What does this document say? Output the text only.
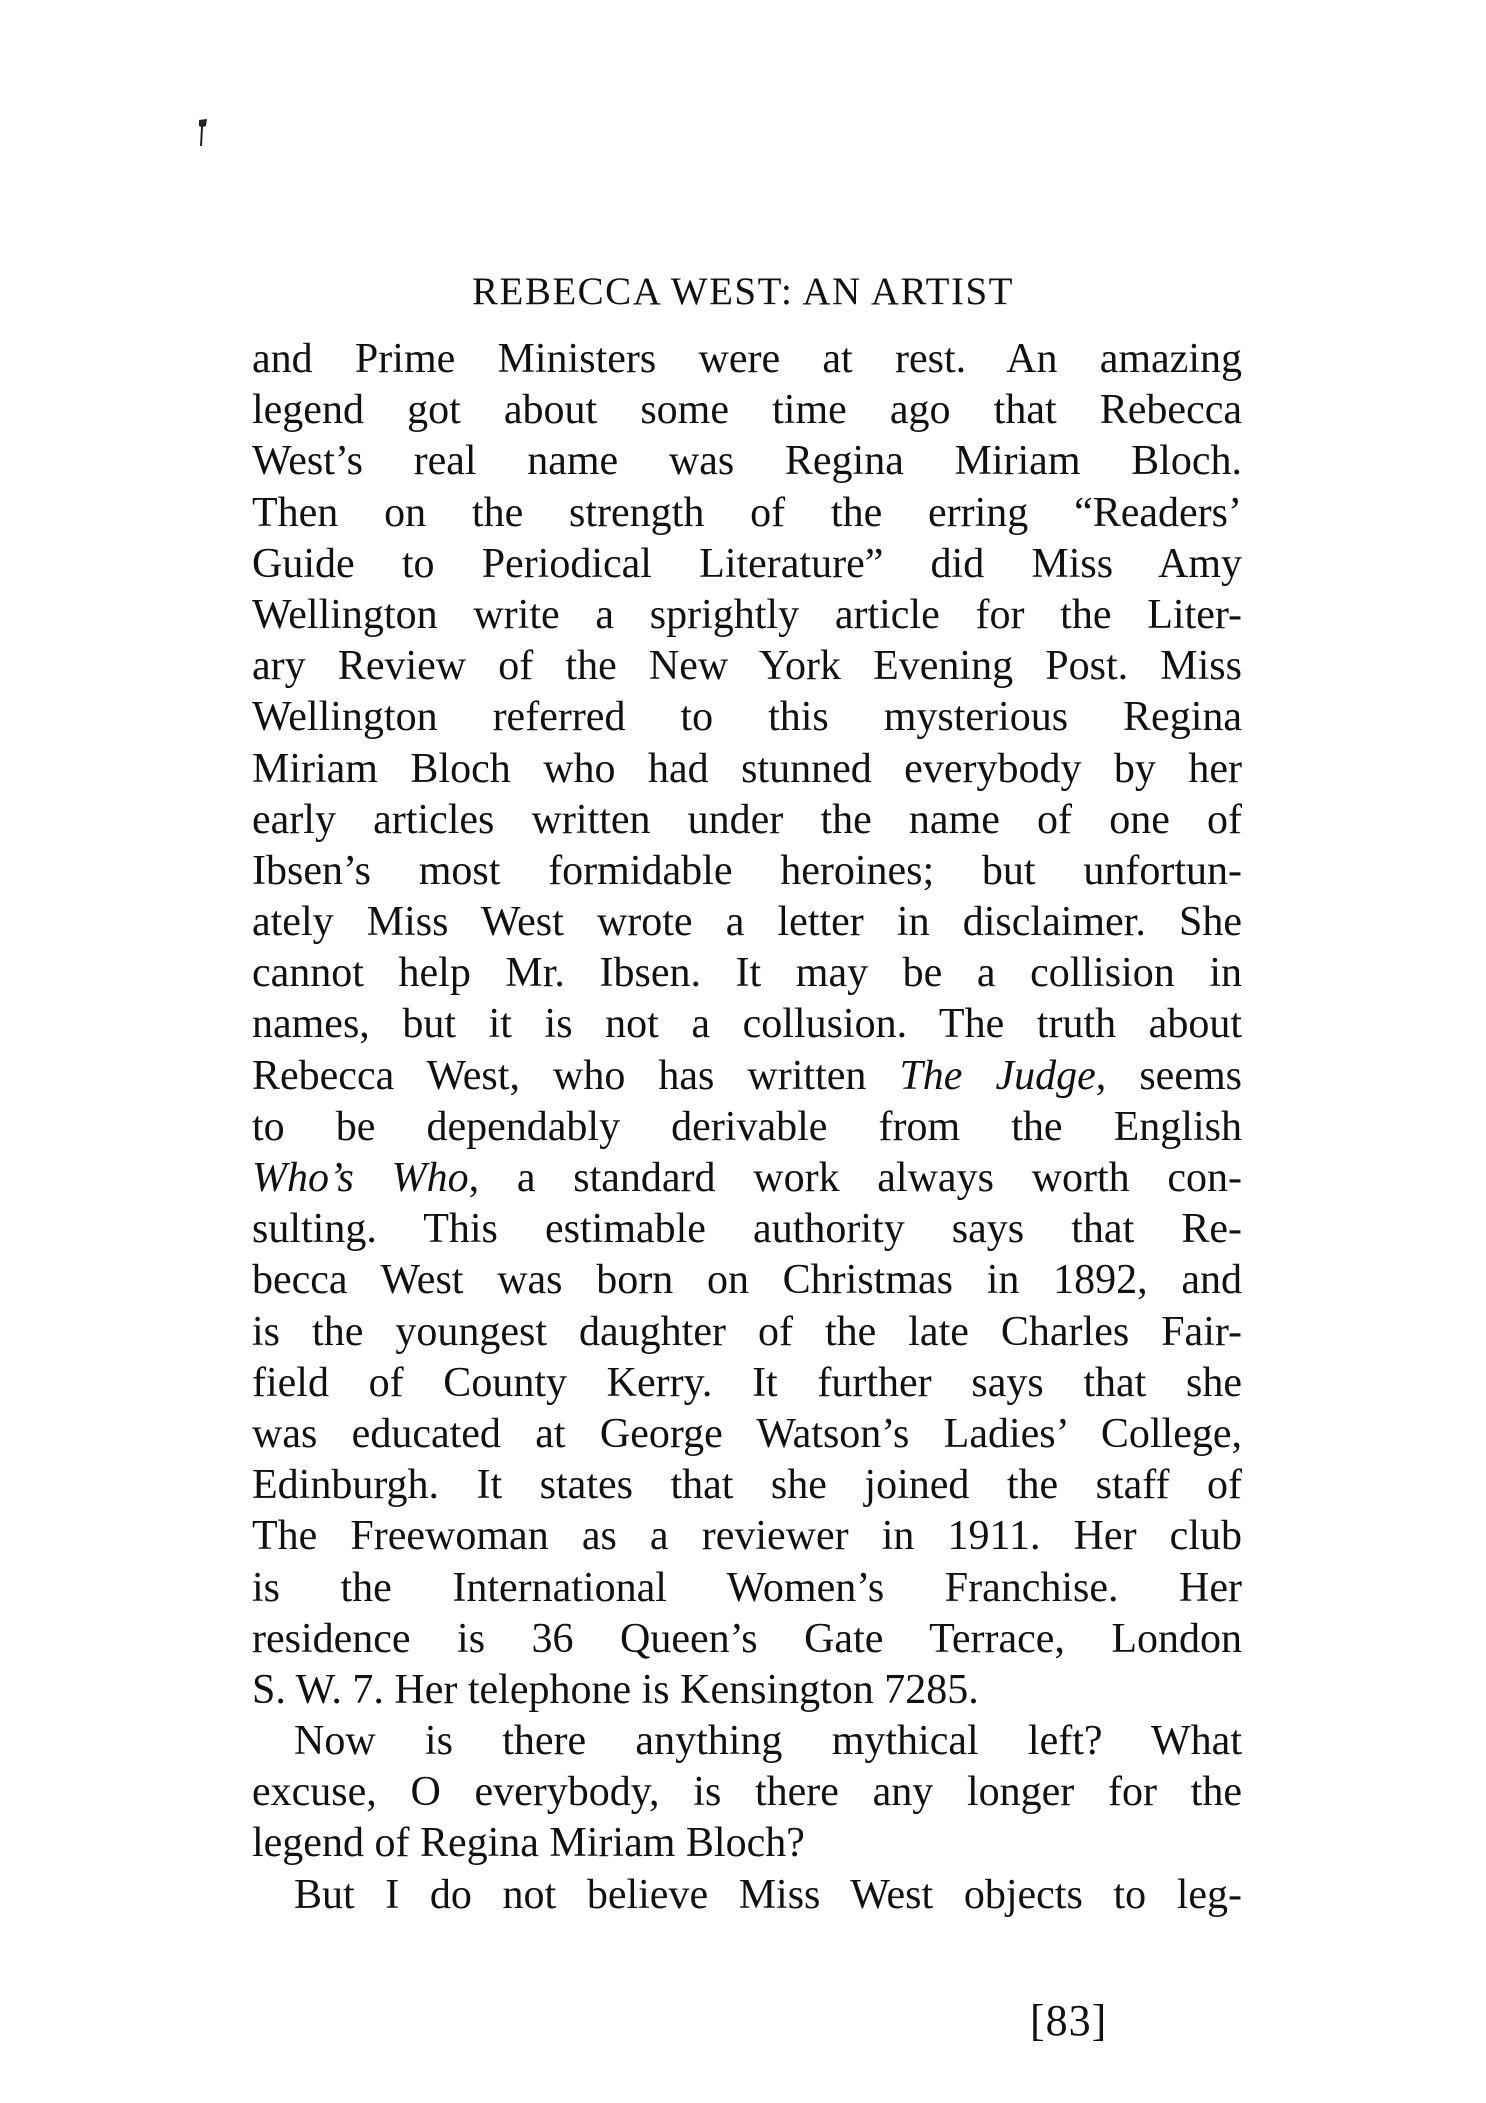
REBECCA WEST: AN ARTIST
and Prime Ministers were at rest. An amazing
legend got about some time ago that Rebecca
West’s real name was Regina Miriam Bloch.
Then on the strength of the erring “Readers’
Guide to Periodical Literature” did Miss Amy
Wellington write a sprightly article for the Liter-
ary Review of the New York Evening Post. Miss
Wellington referred to this mysterious Regina
Miriam Bloch who had stunned everybody by her
early articles written under the name of one of
Ibsen’s most formidable heroines; but unfortun-
ately Miss West wrote a letter in disclaimer. She
cannot help Mr. Ibsen. It may be a collision in
names, but it is not a collusion. The truth about
Rebecca West, who has written The Judge, seems
to be dependably derivable from the English
Who’s Who, a standard work always worth con-
sulting. This estimable authority says that Re-
becca West was born on Christmas in 1892, and
is the youngest daughter of the late Charles Fair-
field of County Kerry. It further says that she
was educated at George Watson’s Ladies’ College,
Edinburgh. It states that she joined the staff of
The Freewoman as a reviewer in 1911. Her club
is the International Women’s Franchise. Her
residence is 36 Queen’s Gate Terrace, London
S. W. 7. Her telephone is Kensington 7285.
Now is there anything mythical left? What
excuse, O everybody, is there any longer for the
legend of Regina Miriam Bloch?
But I do not believe Miss West objects to leg-
[83]
